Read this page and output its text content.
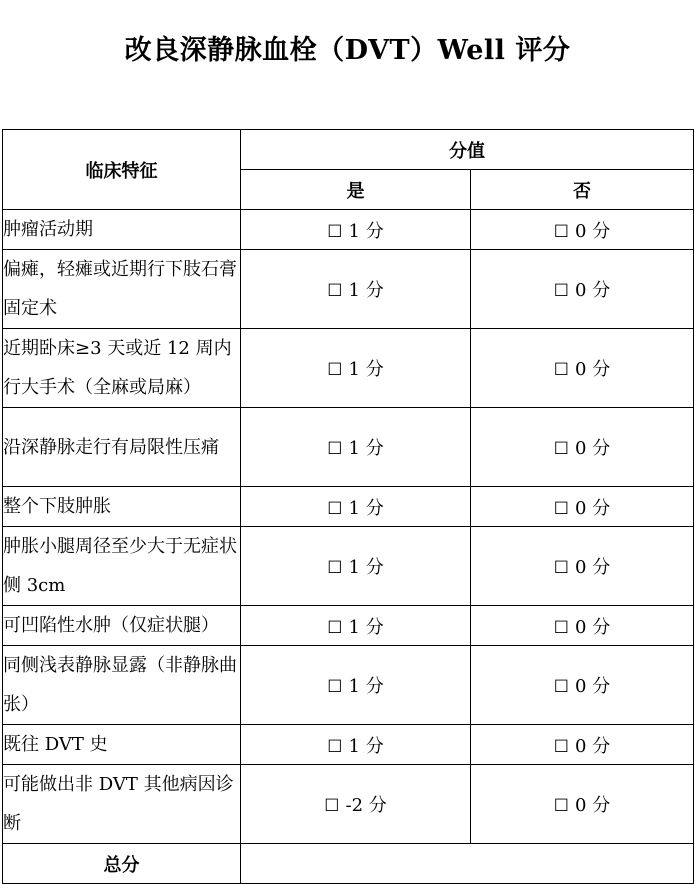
改良深静脉血栓（DVT）Well 评分
临床特征	分值	
	是	否
肿瘤活动期	☐ 1 分	☐ 0 分
偏瘫，轻瘫或近期行下肢石膏固定术	☐ 1 分	☐ 0 分
近期卧床≥3 天或近 12 周内行大手术（全麻或局麻）	☐ 1 分	☐ 0 分
沿深静脉走行有局限性压痛	☐ 1 分	☐ 0 分
整个下肢肿胀	☐ 1 分	☐ 0 分
肿胀小腿周径至少大于无症状侧 3cm	☐ 1 分	☐ 0 分
可凹陷性水肿（仅症状腿）	☐ 1 分	☐ 0 分
同侧浅表静脉显露（非静脉曲张）	☐ 1 分	☐ 0 分
既往 DVT 史	☐ 1 分	☐ 0 分
可能做出非 DVT 其他病因诊断	☐ -2 分	☐ 0 分
总分		
